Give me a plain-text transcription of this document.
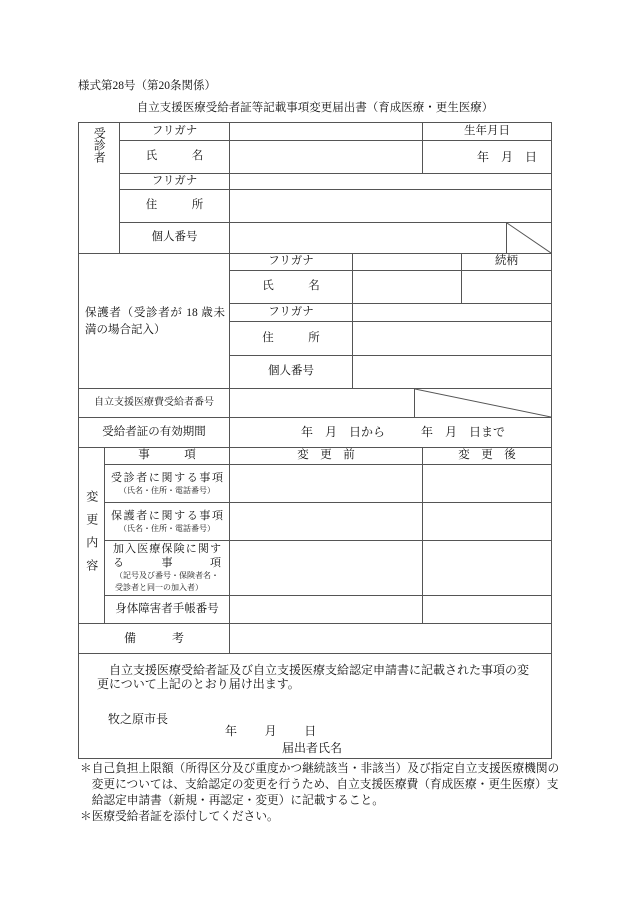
様式第28号（第20条関係）
自立支援医療受給者証等記載事項変更届出書（育成医療・更生医療）
受診者	フリガナ	生年月日
氏　　　名	年　月　日
フリガナ
住　　　所
個人番号
保護者（受診者が 18 歳未満の場合記入）
フリガナ	続柄
氏　　　名
フリガナ
住　　　所
個人番号
自立支援医療費受給者番号
受給者証の有効期間	年　月　日から　　　年　月　日まで
変更内容
事　　　項	変　更　前	変　更　後
受診者に関する事項
（氏名・住所・電話番号）
保護者に関する事項
（氏名・住所・電話番号）
加入医療保険に関する事項
（記号及び番号・保険者名・受診者と同一の加入者）
身体障害者手帳番号
備　　　考
自立支援医療受給者証及び自立支援医療支給認定申請書に記載された事項の変更について上記のとおり届け出ます。
牧之原市長
年　　月　　日
届出者氏名
＊自己負担上限額（所得区分及び重度かつ継続該当・非該当）及び指定自立支援医療機関の変更については、支給認定の変更を行うため、自立支援医療費（育成医療・更生医療）支給認定申請書（新規・再認定・変更）に記載すること。
＊医療受給者証を添付してください。
